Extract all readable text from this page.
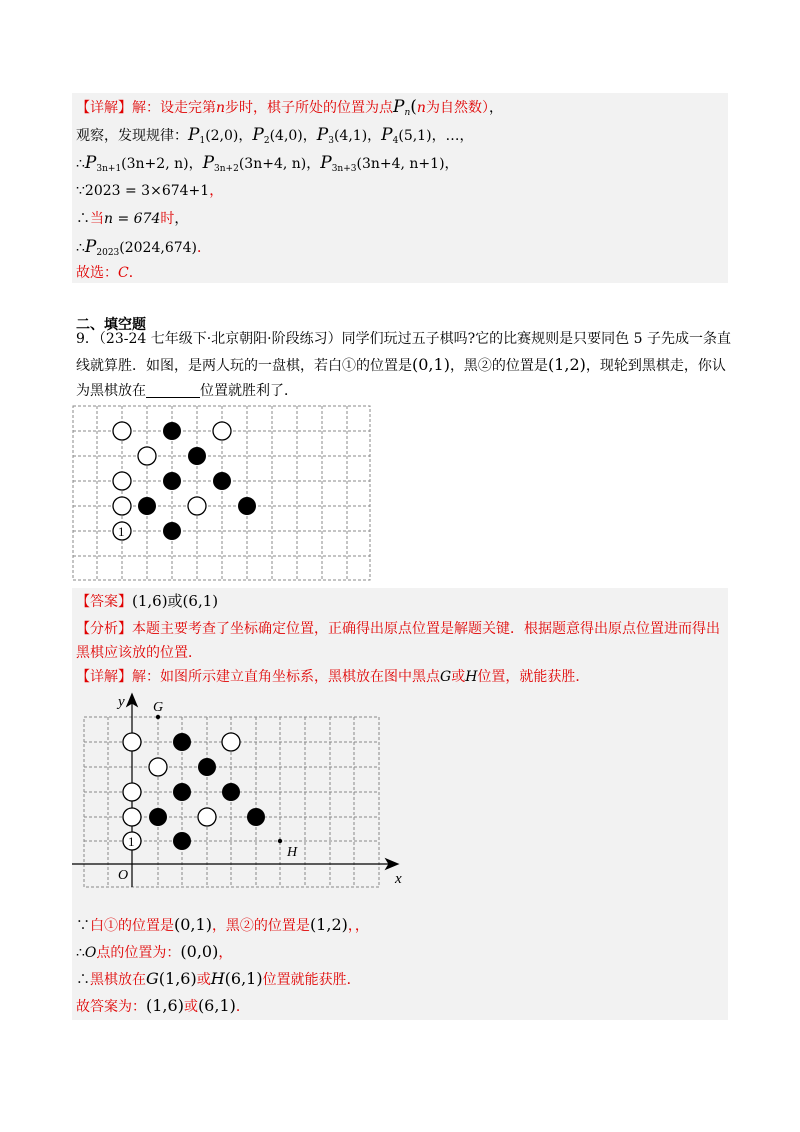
【详解】解：设走完第n步时，棋子所处的位置为点$P_n(n$为自然数），
观察，发现规律：$P_1(2,0)$，$P_2(4,0)$，$P_3(4,1)$，$P_4(5,1)$，…，
$\therefore P_{3n+1}(3n+2$, n)，$P_{3n+2}(3n+4$, n)，$P_{3n+3}(3n+4$, n+1)，
∵2023 = 3×674+1，
∴当n = 674时，
$\therefore P_{2023}(2024,674)$．
故选：C．
二、填空题
9．（23-24 七年级下·北京朝阳·阶段练习）同学们玩过五子棋吗?它的比赛规则是只要同色 5 子先成一条直
线就算胜．如图，是两人玩的一盘棋，若白①的位置是(0,1)，黑②的位置是(1,2)，现轮到黑棋走，你认
为黑棋放在	位置就胜利了．
1
【答案】(1,6)或(6,1)
【分析】本题主要考查了坐标确定位置，正确得出原点位置是解题关键．根据题意得出原点位置进而得出
黑棋应该放的位置．
【详解】解：如图所示建立直角坐标系，黑棋放在图中黑点G或H位置，就能获胜．
y
x
O
G
H
1
∵白①的位置是(0,1)，黑②的位置是(1,2)，，
∴O点的位置为：(0,0)，
∴黑棋放在G(1,6)或H(6,1)位置就能获胜．
故答案为：(1,6)或(6,1)．
